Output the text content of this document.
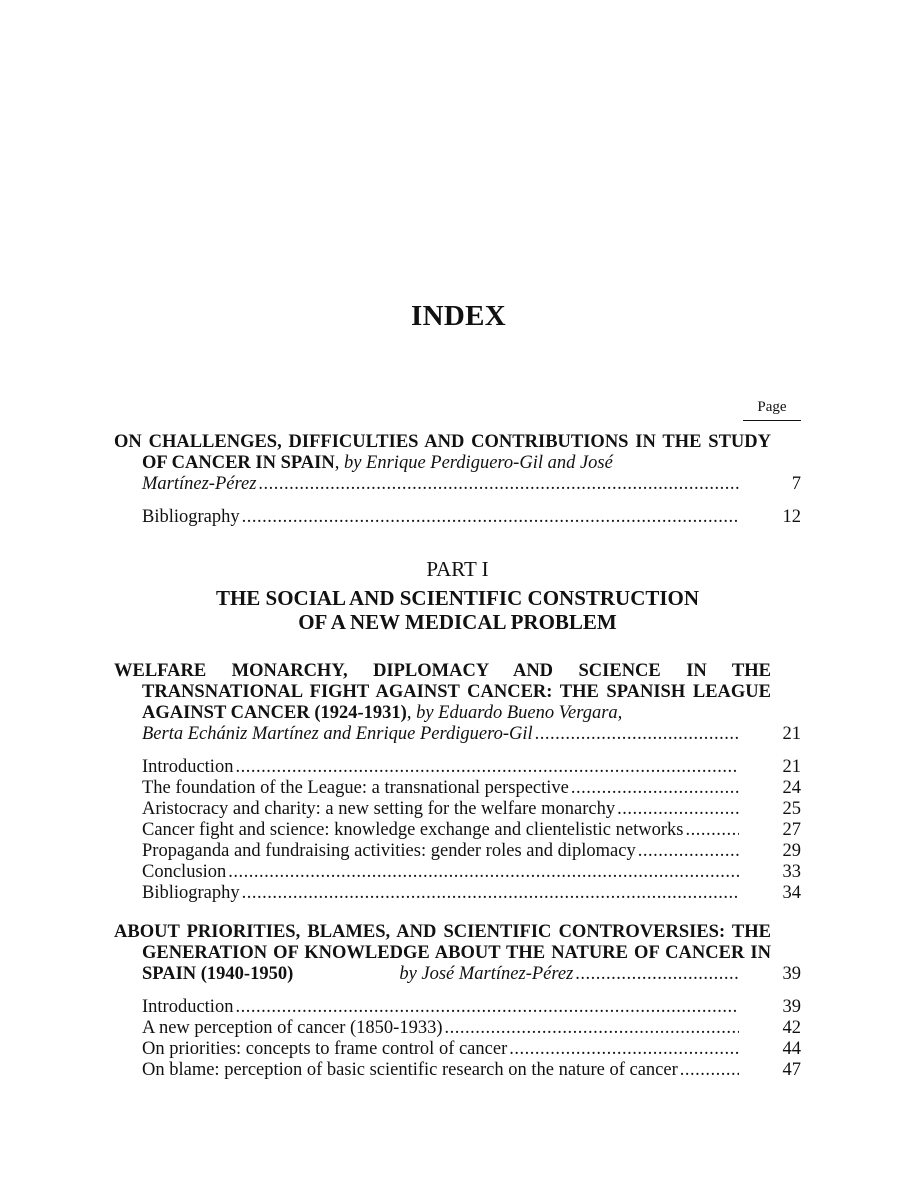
INDEX
Page
ON CHALLENGES, DIFFICULTIES AND CONTRIBUTIONS IN THE STUDY OF CANCER IN SPAIN, by Enrique Perdiguero-Gil and José
Martínez-Pérez .....	7
Bibliography .....	12
PART I
THE SOCIAL AND SCIENTIFIC CONSTRUCTION
OF A NEW MEDICAL PROBLEM
WELFARE MONARCHY, DIPLOMACY AND SCIENCE IN THE TRANSNATIONAL FIGHT AGAINST CANCER: THE SPANISH LEAGUE AGAINST CANCER (1924-1931), by Eduardo Bueno Vergara,
Berta Echániz Martínez and Enrique Perdiguero-Gil .....	21
Introduction .....	21
The foundation of the League: a transnational perspective .....	24
Aristocracy and charity: a new setting for the welfare monarchy .....	25
Cancer fight and science: knowledge exchange and clientelistic networks .....	27
Propaganda and fundraising activities: gender roles and diplomacy .....	29
Conclusion .....	33
Bibliography .....	34
ABOUT PRIORITIES, BLAMES, AND SCIENTIFIC CONTROVERSIES: THE GENERATION OF KNOWLEDGE ABOUT THE NATURE OF CANCER IN SPAIN (1940-1950)	by José Martínez-Pérez .....	39
Introduction .....	39
A new perception of cancer (1850-1933) .....	42
On priorities: concepts to frame control of cancer .....	44
On blame: perception of basic scientific research on the nature of cancer .....	47
